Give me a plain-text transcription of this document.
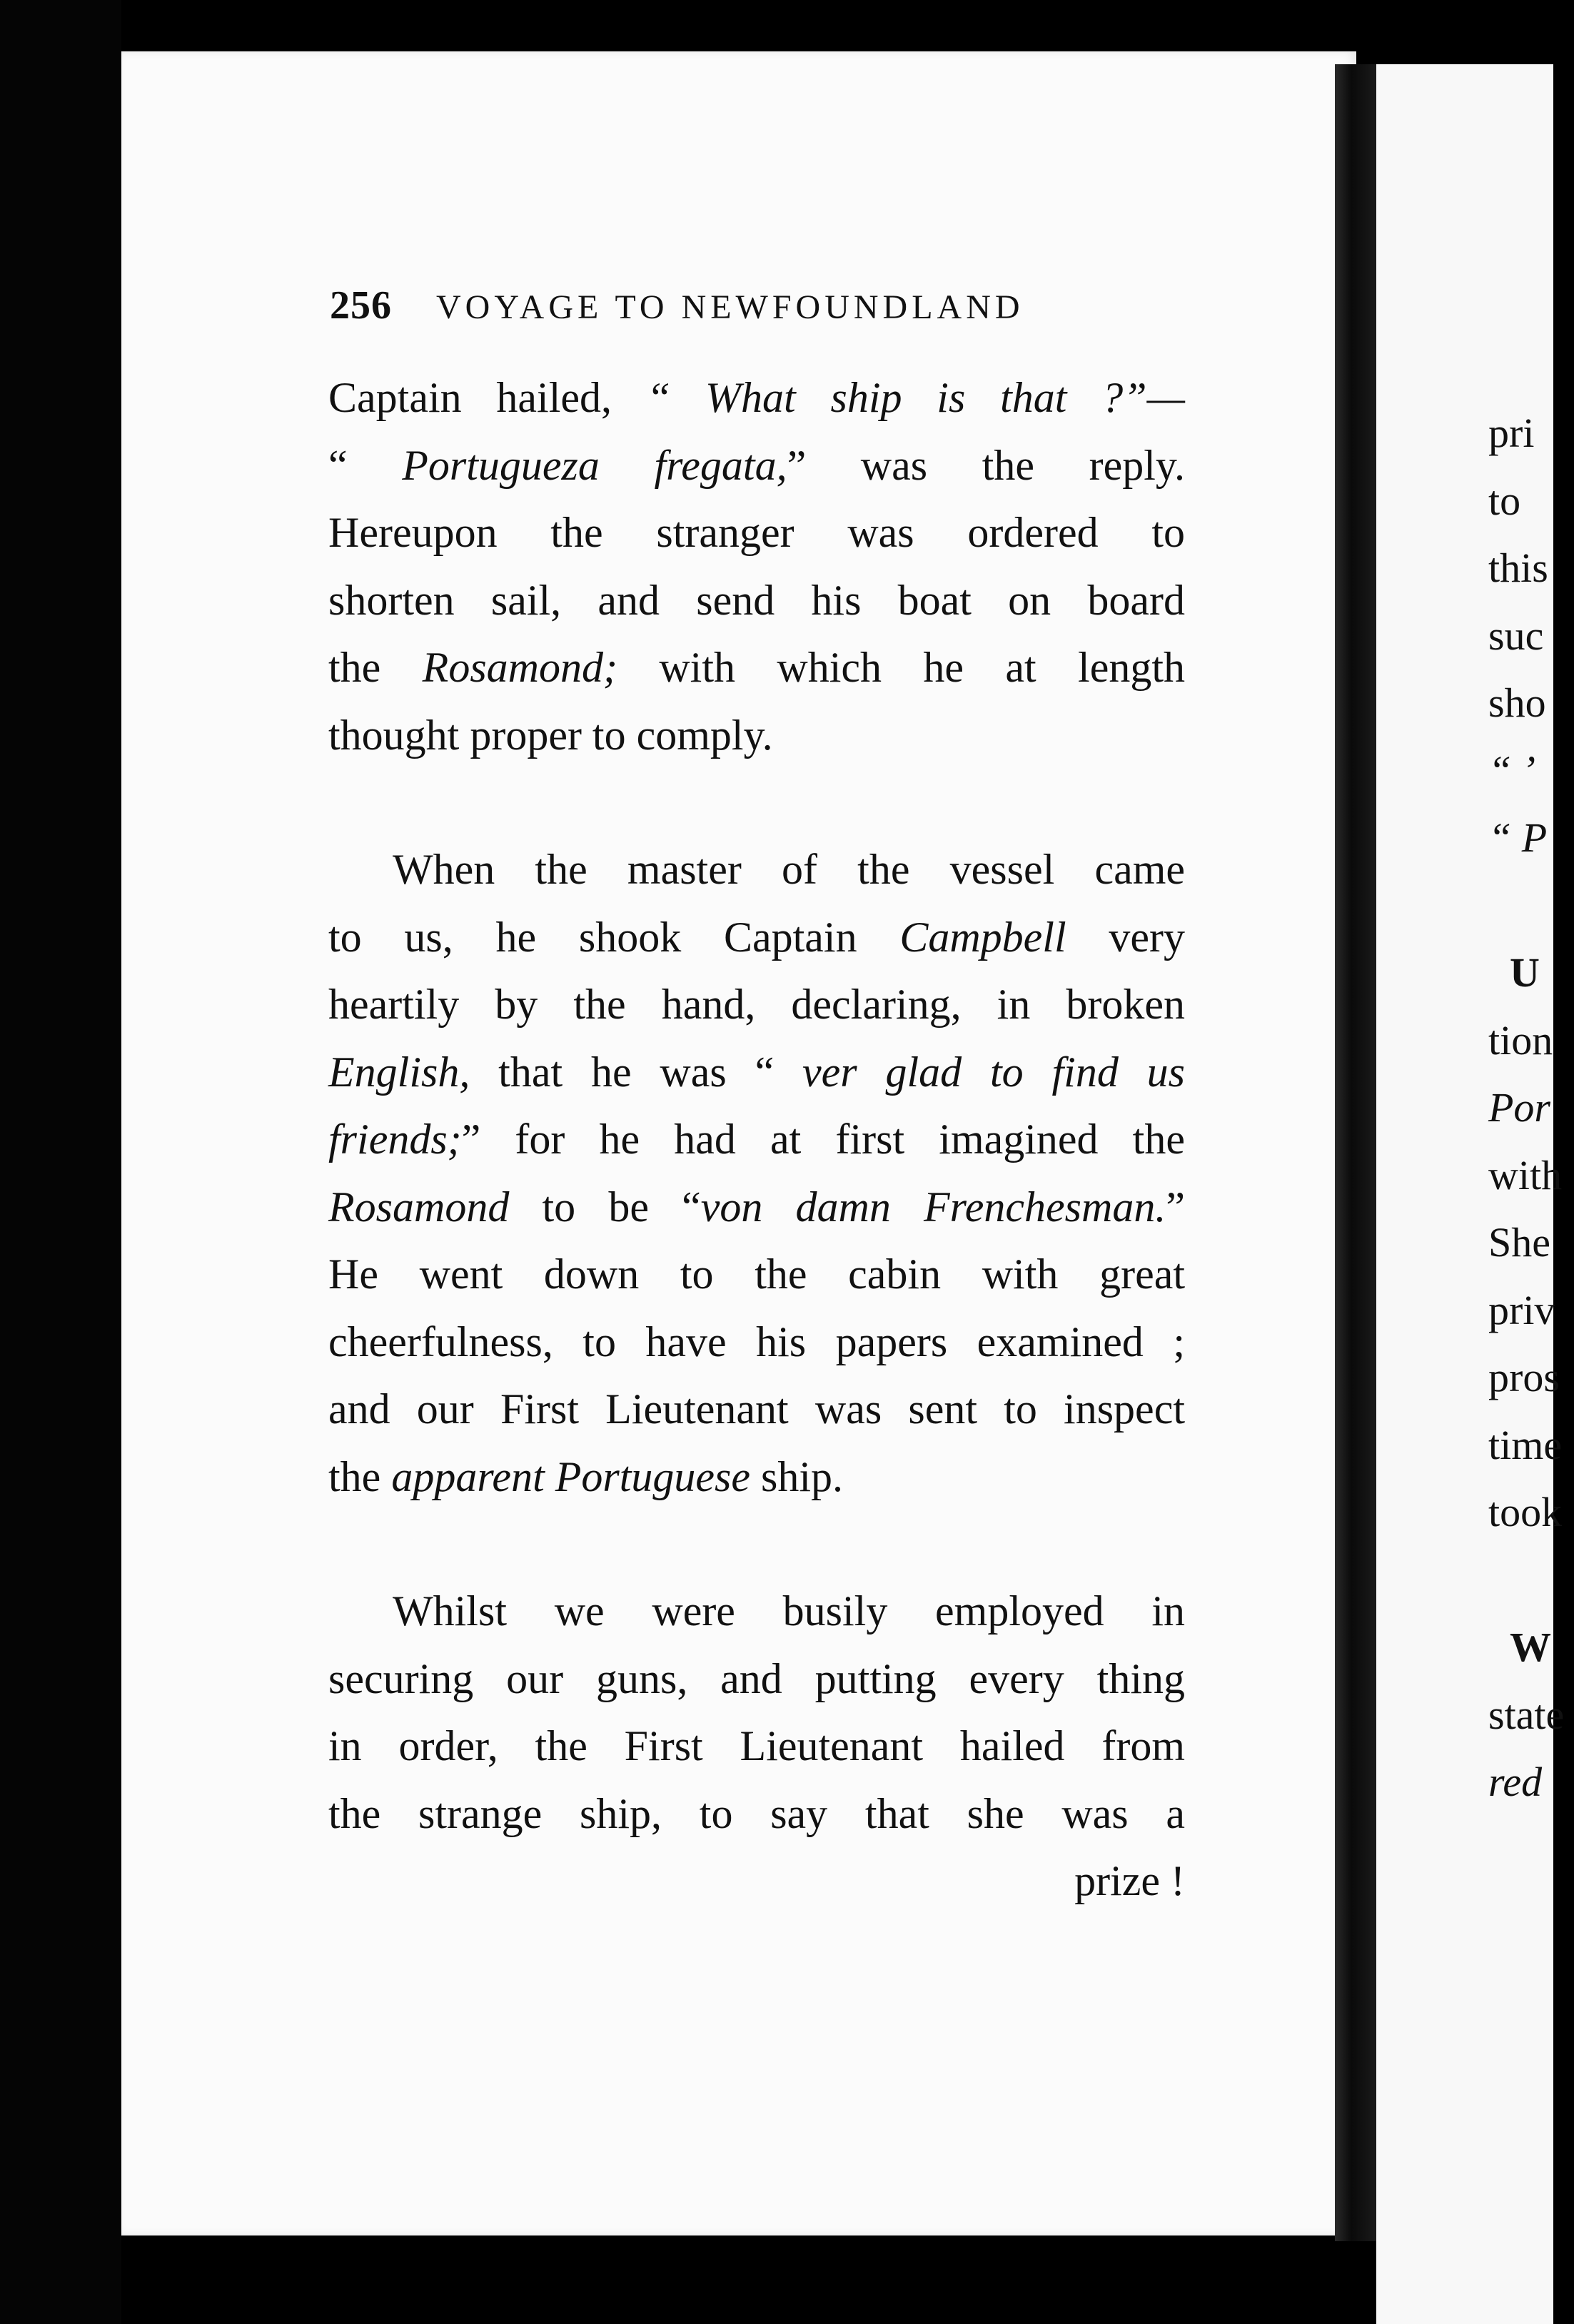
256 VOYAGE TO NEWFOUNDLAND
Captain hailed, “ What ship is that ?”—
“ Portugueza fregata,” was the reply.
Hereupon the stranger was ordered to
shorten sail, and send his boat on board
the Rosamond; with which he at length
thought proper to comply.
When the master of the vessel came
to us, he shook Captain Campbell very
heartily by the hand, declaring, in broken
English, that he was “ ver glad to find us
friends;” for he had at first imagined the
Rosamond to be “von damn Frenchesman.”
He went down to the cabin with great
cheerfulness, to have his papers examined ;
and our First Lieutenant was sent to inspect
the apparent Portuguese ship.
Whilst we were busily employed in
securing our guns, and putting every thing
in order, the First Lieutenant hailed from
the strange ship, to say that she was a
prize !
pri
to
this
suc
sho
“ ’
“ P
U
tion
Por
with
She
priv
pros
time
took
W
state
red
